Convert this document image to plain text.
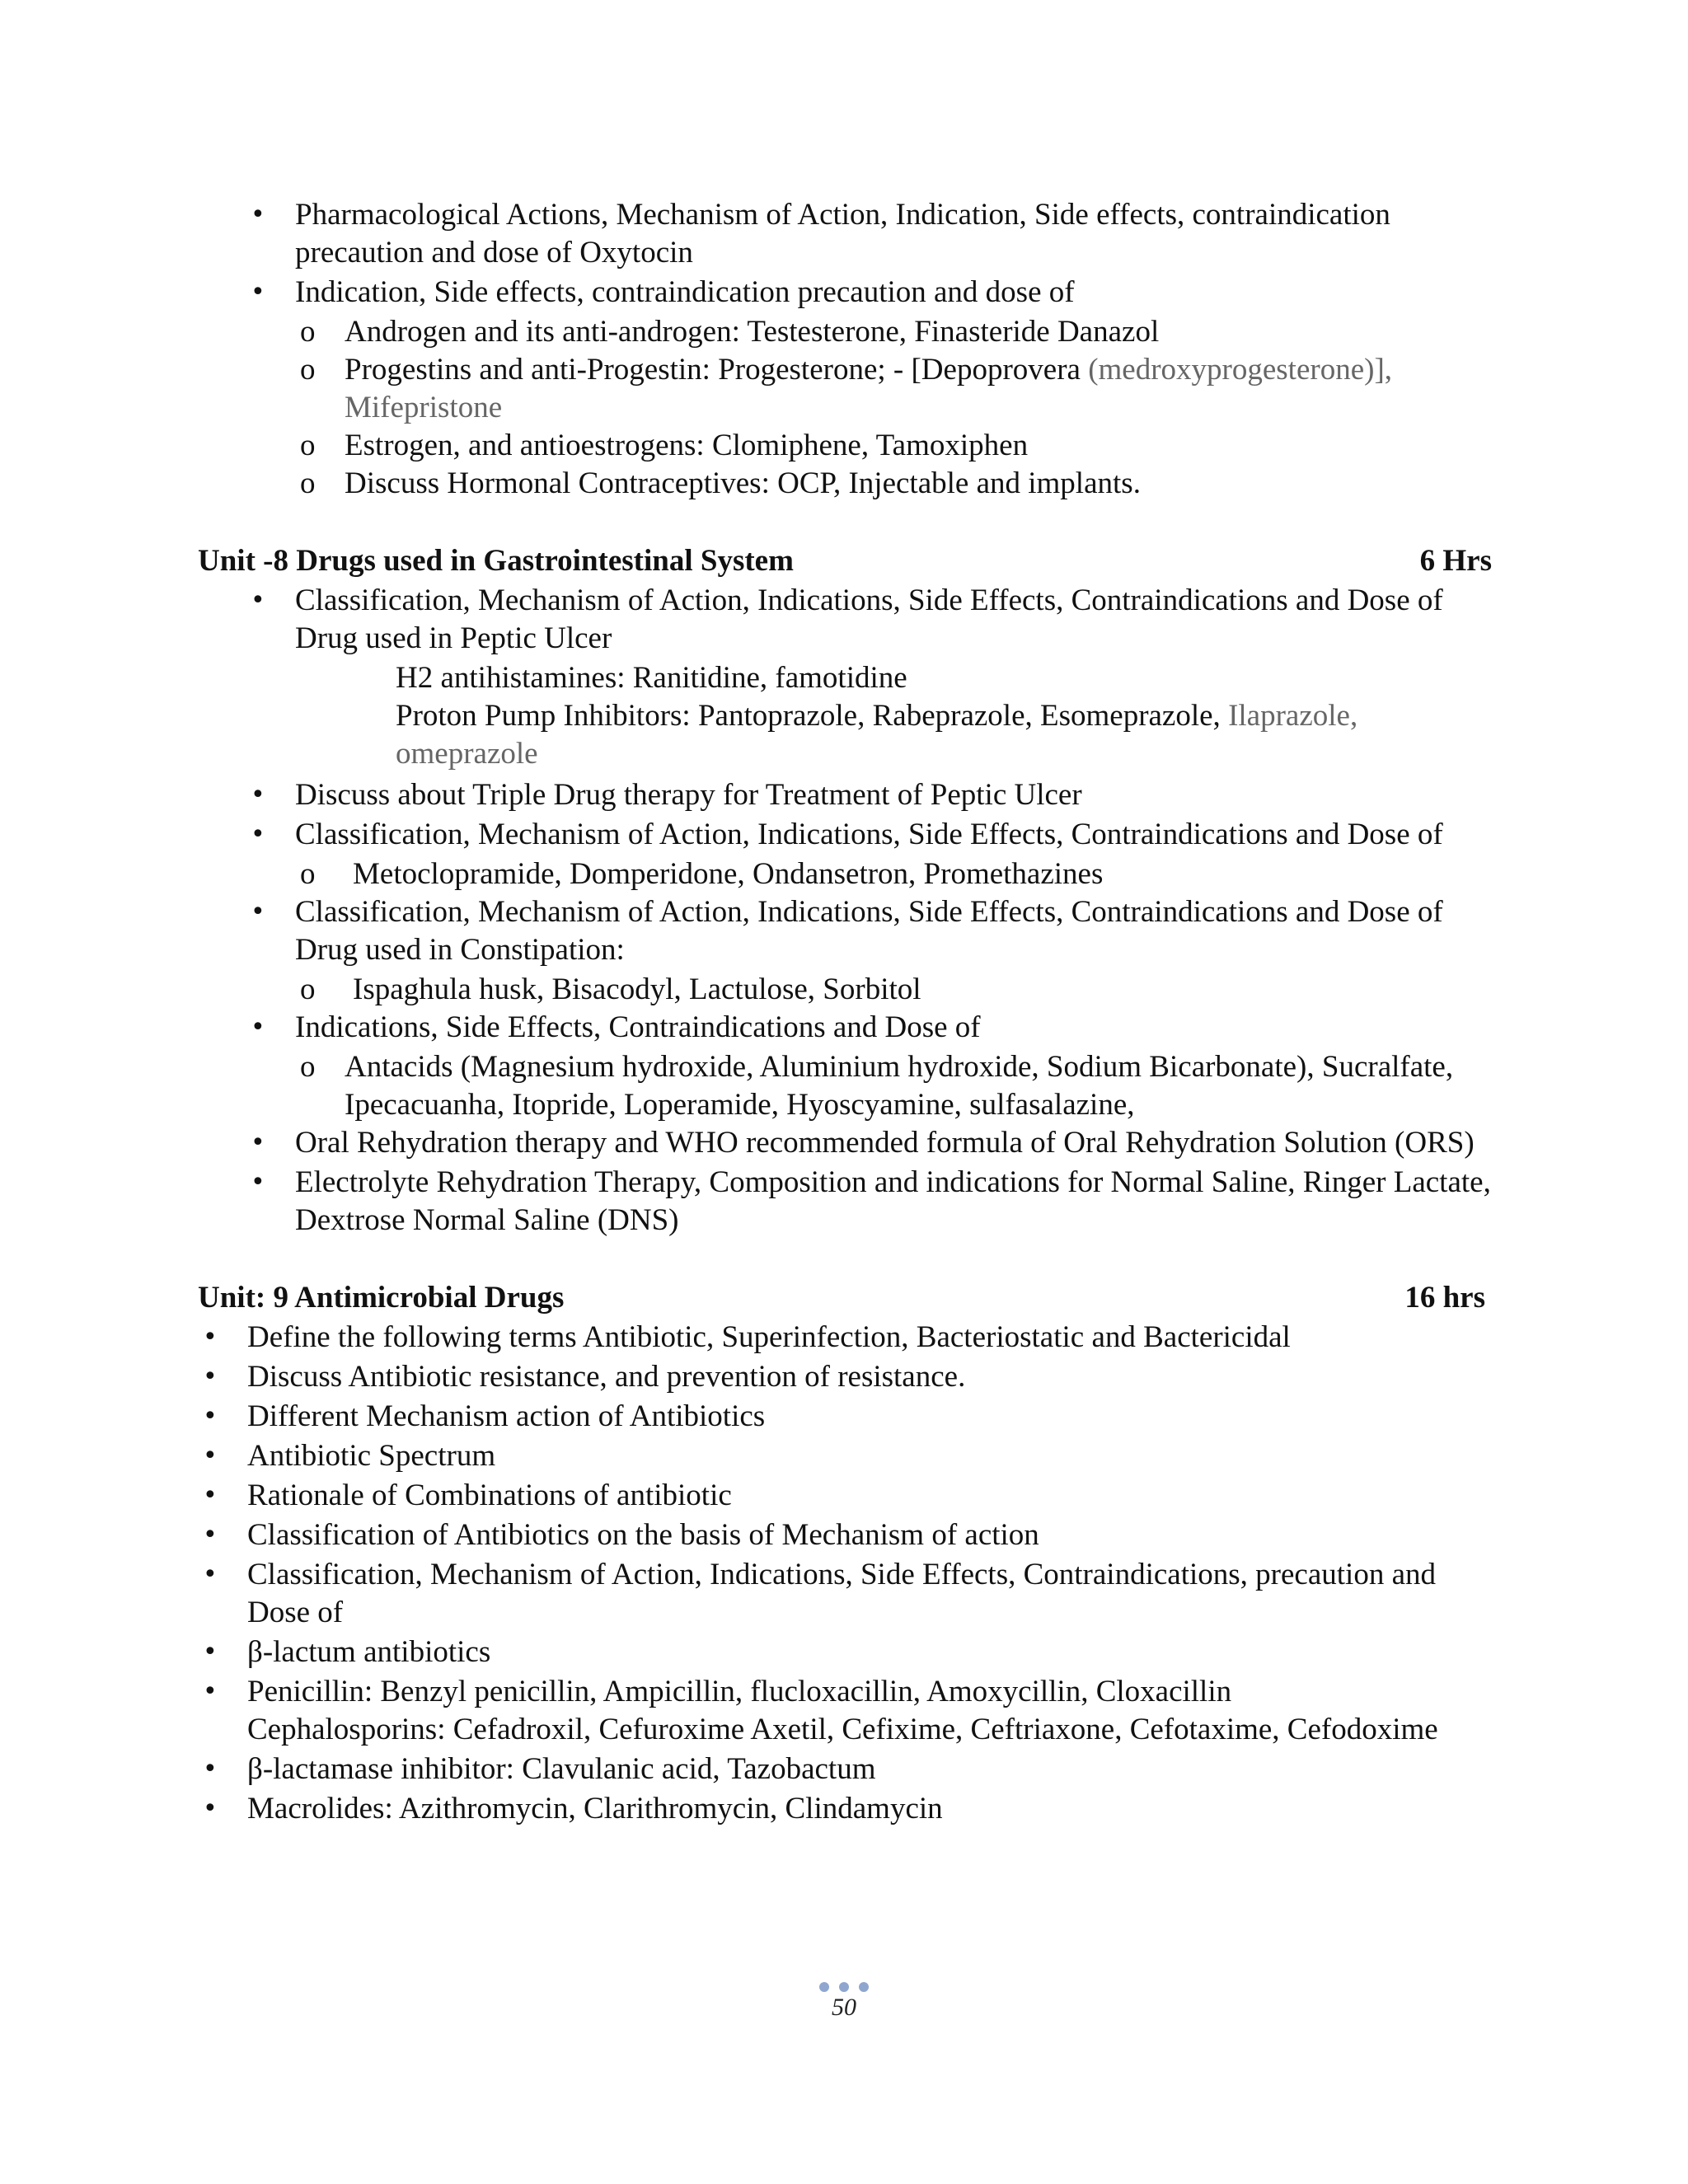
• Pharmacological Actions, Mechanism of Action, Indication, Side effects, contraindication precaution and dose of Oxytocin
• Indication, Side effects, contraindication precaution and dose of
o Androgen and its anti-androgen: Testesterone, Finasteride Danazol
o Progestins and anti-Progestin: Progesterone; - [Depoprovera (medroxyprogesterone)], Mifepristone
o Estrogen, and antioestrogens: Clomiphene, Tamoxiphen
o Discuss Hormonal Contraceptives: OCP, Injectable and implants.
Unit -8 Drugs used in Gastrointestinal System	6 Hrs
• Classification, Mechanism of Action, Indications, Side Effects, Contraindications and Dose of Drug used in Peptic Ulcer
H2 antihistamines: Ranitidine, famotidine
Proton Pump Inhibitors: Pantoprazole, Rabeprazole, Esomeprazole, Ilaprazole, omeprazole
• Discuss about Triple Drug therapy for Treatment of Peptic Ulcer
• Classification, Mechanism of Action, Indications, Side Effects, Contraindications and Dose of
o Metoclopramide, Domperidone, Ondansetron, Promethazines
• Classification, Mechanism of Action, Indications, Side Effects, Contraindications and Dose of Drug used in Constipation:
o Ispaghula husk, Bisacodyl, Lactulose, Sorbitol
• Indications, Side Effects, Contraindications and Dose of
o Antacids (Magnesium hydroxide, Aluminium hydroxide, Sodium Bicarbonate), Sucralfate, Ipecacuanha, Itopride, Loperamide, Hyoscyamine, sulfasalazine,
• Oral Rehydration therapy and WHO recommended formula of Oral Rehydration Solution (ORS)
• Electrolyte Rehydration Therapy, Composition and indications for Normal Saline, Ringer Lactate, Dextrose Normal Saline (DNS)
Unit: 9 Antimicrobial Drugs	16 hrs
• Define the following terms Antibiotic, Superinfection, Bacteriostatic and Bactericidal
• Discuss Antibiotic resistance, and prevention of resistance.
• Different Mechanism action of Antibiotics
• Antibiotic Spectrum
• Rationale of Combinations of antibiotic
• Classification of Antibiotics on the basis of Mechanism of action
• Classification, Mechanism of Action, Indications, Side Effects, Contraindications, precaution and Dose of
• β-lactum antibiotics
• Penicillin: Benzyl penicillin, Ampicillin, flucloxacillin, Amoxycillin, Cloxacillin
Cephalosporins: Cefadroxil, Cefuroxime Axetil, Cefixime, Ceftriaxone, Cefotaxime, Cefodoxime
• β-lactamase inhibitor: Clavulanic acid, Tazobactum
• Macrolides: Azithromycin, Clarithromycin, Clindamycin
50
